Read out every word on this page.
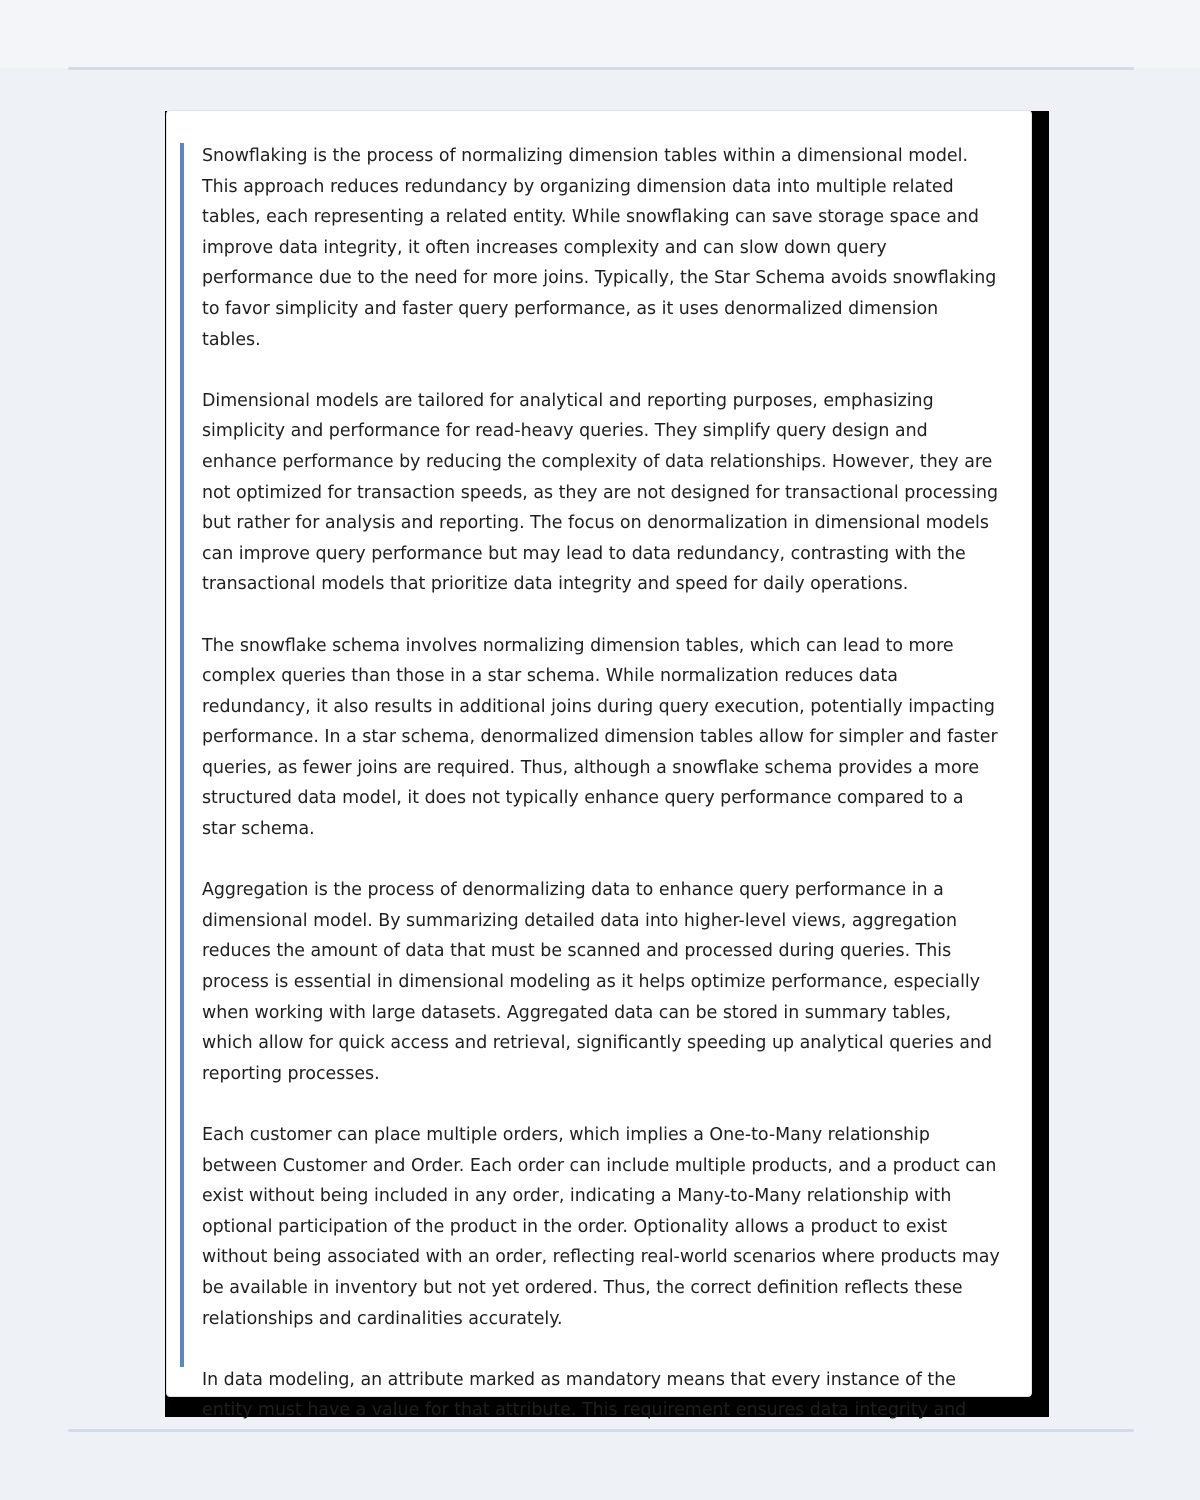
Snowflaking is the process of normalizing dimension tables within a dimensional model. This approach reduces redundancy by organizing dimension data into multiple related tables, each representing a related entity. While snowflaking can save storage space and improve data integrity, it often increases complexity and can slow down query performance due to the need for more joins. Typically, the Star Schema avoids snowflaking to favor simplicity and faster query performance, as it uses denormalized dimension tables.

Dimensional models are tailored for analytical and reporting purposes, emphasizing simplicity and performance for read-heavy queries. They simplify query design and enhance performance by reducing the complexity of data relationships. However, they are not optimized for transaction speeds, as they are not designed for transactional processing but rather for analysis and reporting. The focus on denormalization in dimensional models can improve query performance but may lead to data redundancy, contrasting with the transactional models that prioritize data integrity and speed for daily operations.

The snowflake schema involves normalizing dimension tables, which can lead to more complex queries than those in a star schema. While normalization reduces data redundancy, it also results in additional joins during query execution, potentially impacting performance. In a star schema, denormalized dimension tables allow for simpler and faster queries, as fewer joins are required. Thus, although a snowflake schema provides a more structured data model, it does not typically enhance query performance compared to a star schema.

Aggregation is the process of denormalizing data to enhance query performance in a dimensional model. By summarizing detailed data into higher-level views, aggregation reduces the amount of data that must be scanned and processed during queries. This process is essential in dimensional modeling as it helps optimize performance, especially when working with large datasets. Aggregated data can be stored in summary tables, which allow for quick access and retrieval, significantly speeding up analytical queries and reporting processes.

Each customer can place multiple orders, which implies a One-to-Many relationship between Customer and Order. Each order can include multiple products, and a product can exist without being included in any order, indicating a Many-to-Many relationship with optional participation of the product in the order. Optionality allows a product to exist without being associated with an order, reflecting real-world scenarios where products may be available in inventory but not yet ordered. Thus, the correct definition reflects these relationships and cardinalities accurately.

In data modeling, an attribute marked as mandatory means that every instance of the entity must have a value for that attribute. This requirement ensures data integrity and
